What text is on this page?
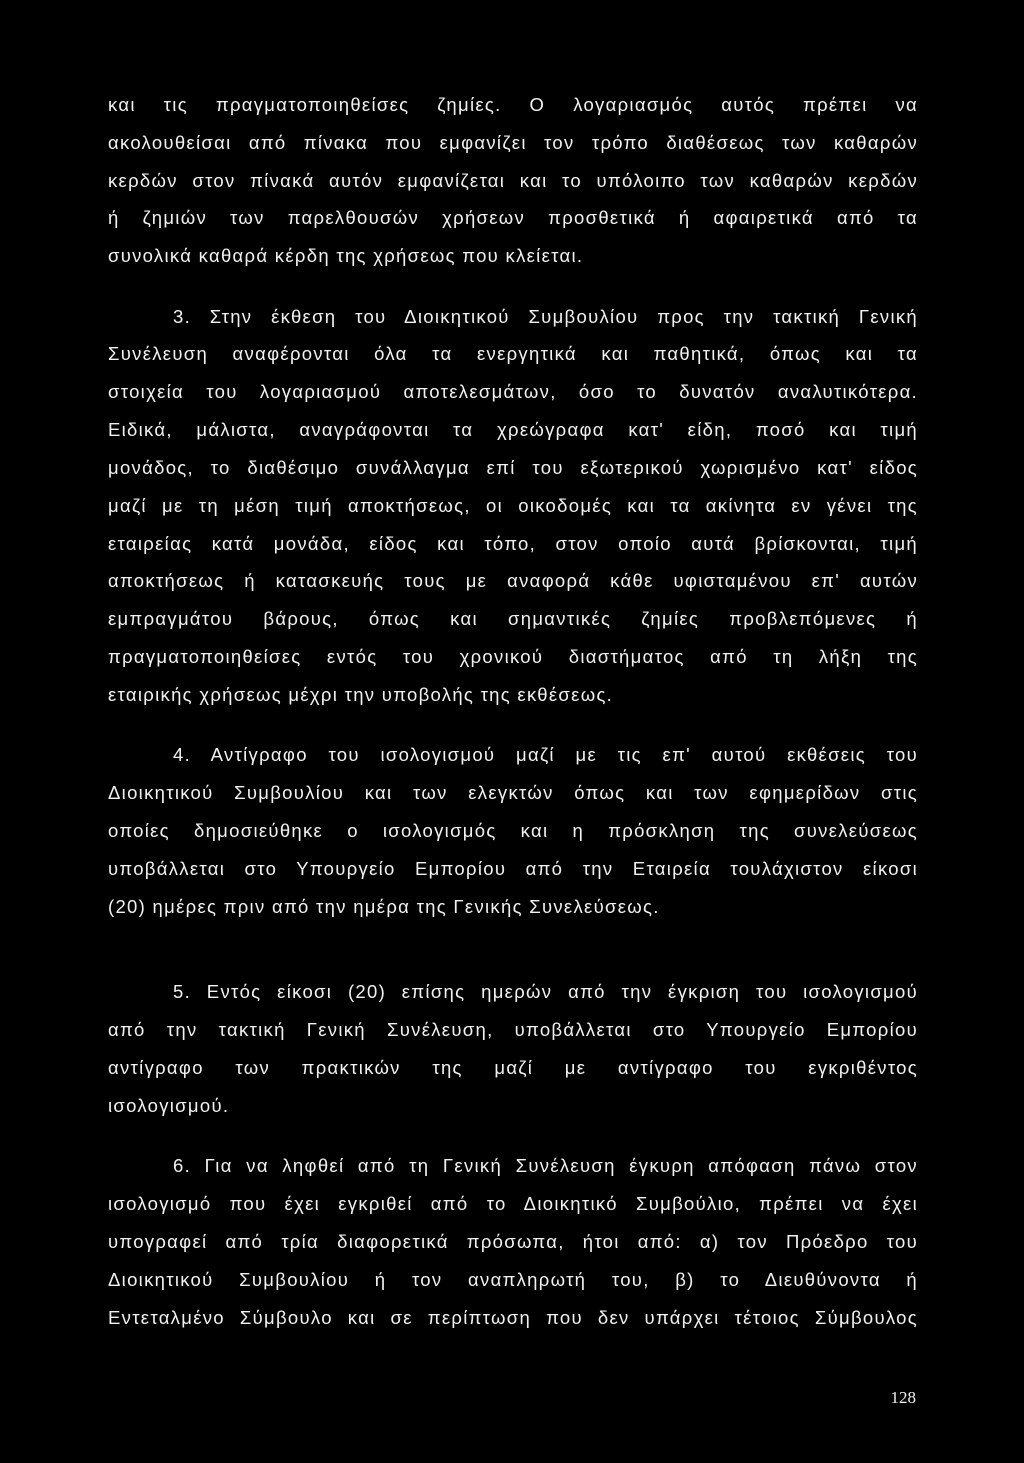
και τις πραγματοποιηθείσες ζημίες. Ο λογαριασμός αυτός πρέπει να
ακολουθείσαι από πίνακα που εμφανίζει τον τρόπο διαθέσεως των καθαρών
κερδών στον πίνακά αυτόν εμφανίζεται και το υπόλοιπο των καθαρών κερδών
ή ζημιών των παρελθουσών χρήσεων προσθετικά ή αφαιρετικά από τα
συνολικά καθαρά κέρδη της χρήσεως που κλείεται.
3. Στην έκθεση του Διοικητικού Συμβουλίου προς την τακτική Γενική
Συνέλευση αναφέρονται όλα τα ενεργητικά και παθητικά, όπως και τα
στοιχεία του λογαριασμού αποτελεσμάτων, όσο το δυνατόν αναλυτικότερα.
Ειδικά, μάλιστα, αναγράφονται τα χρεώγραφα κατ' είδη, ποσό και τιμή
μονάδος, το διαθέσιμο συνάλλαγμα επί του εξωτερικού χωρισμένο κατ' είδος
μαζί με τη μέση τιμή αποκτήσεως, οι οικοδομές και τα ακίνητα εν γένει της
εταιρείας κατά μονάδα, είδος και τόπο, στον οποίο αυτά βρίσκονται, τιμή
αποκτήσεως ή κατασκευής τους με αναφορά κάθε υφισταμένου επ' αυτών
εμπραγμάτου βάρους, όπως και σημαντικές ζημίες προβλεπόμενες ή
πραγματοποιηθείσες εντός του χρονικού διαστήματος από τη λήξη της
εταιρικής χρήσεως μέχρι την υποβολής της εκθέσεως.
4. Αντίγραφο του ισολογισμού μαζί με τις επ' αυτού εκθέσεις του
Διοικητικού Συμβουλίου και των ελεγκτών όπως και των εφημερίδων στις
οποίες δημοσιεύθηκε ο ισολογισμός και η πρόσκληση της συνελεύσεως
υποβάλλεται στο Υπουργείο Εμπορίου από την Εταιρεία τουλάχιστον είκοσι
(20) ημέρες πριν από την ημέρα της Γενικής Συνελεύσεως.
5. Εντός είκοσι (20) επίσης ημερών από την έγκριση του ισολογισμού
από την τακτική Γενική Συνέλευση, υποβάλλεται στο Υπουργείο Εμπορίου
αντίγραφο των πρακτικών της μαζί με αντίγραφο του εγκριθέντος
ισολογισμού.
6. Για να ληφθεί από τη Γενική Συνέλευση έγκυρη απόφαση πάνω στον
ισολογισμό που έχει εγκριθεί από το Διοικητικό Συμβούλιο, πρέπει να έχει
υπογραφεί από τρία διαφορετικά πρόσωπα, ήτοι από: α) τον Πρόεδρο του
Διοικητικού Συμβουλίου ή τον αναπληρωτή του, β) το Διευθύνοντα ή
Εντεταλμένο Σύμβουλο και σε περίπτωση που δεν υπάρχει τέτοιος Σύμβουλος
128
